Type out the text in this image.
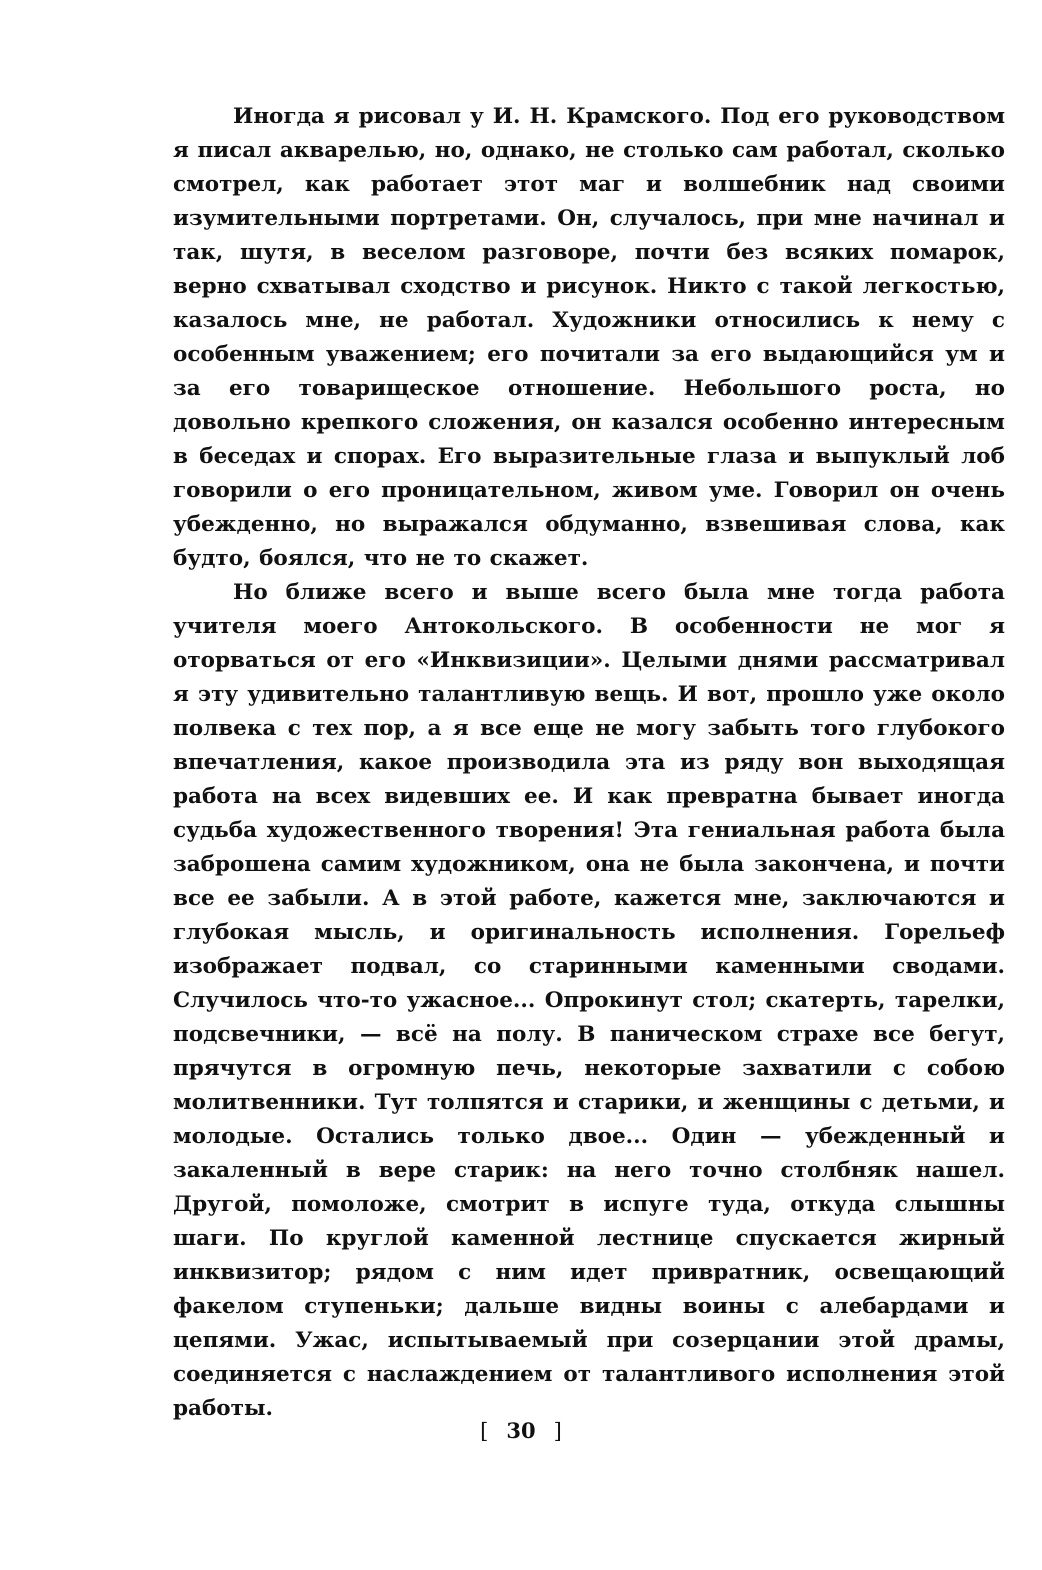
Иногда я рисовал у И. Н. Крамского. Под его руководством я писал акварелью, но, однако, не столько сам работал, сколько смотрел, как работает этот маг и волшебник над своими изумительными портретами. Он, случалось, при мне начинал и так, шутя, в веселом разговоре, почти без всяких помарок, верно схватывал сходство и рисунок. Никто с такой легкостью, казалось мне, не работал. Художники относились к нему с особенным уважением; его почитали за его выдающийся ум и за его товарищеское отношение. Небольшого роста, но довольно крепкого сложения, он казался особенно интересным в беседах и спорах. Его выразительные глаза и выпуклый лоб говорили о его проницательном, живом уме. Говорил он очень убежденно, но выражался обдуманно, взвешивая слова, как будто, боялся, что не то скажет.

Но ближе всего и выше всего была мне тогда работа учителя моего Антокольского. В особенности не мог я оторваться от его «Инквизиции». Целыми днями рассматривал я эту удивительно талантливую вещь. И вот, прошло уже около полвека с тех пор, а я все еще не могу забыть того глубокого впечатления, какое производила эта из ряду вон выходящая работа на всех видевших ее. И как превратна бывает иногда судьба художественного творения! Эта гениальная работа была заброшена самим художником, она не была закончена, и почти все ее забыли. А в этой работе, кажется мне, заключаются и глубокая мысль, и оригинальность исполнения. Горельеф изображает подвал, со старинными каменными сводами. Случилось что-то ужасное... Опрокинут стол; скатерть, тарелки, подсвечники, — всё на полу. В паническом страхе все бегут, прячутся в огромную печь, некоторые захватили с собою молитвенники. Тут толпятся и старики, и женщины с детьми, и молодые. Остались только двое... Один — убежденный и закаленный в вере старик: на него точно столбняк нашел. Другой, помоложе, смотрит в испуге туда, откуда слышны шаги. По круглой каменной лестнице спускается жирный инквизитор; рядом с ним идет привратник, освещающий факелом ступеньки; дальше видны воины с алебардами и цепями. Ужас, испытываемый при созерцании этой драмы, соединяется с наслаждением от талантливого исполнения этой работы.

[ 30 ]
